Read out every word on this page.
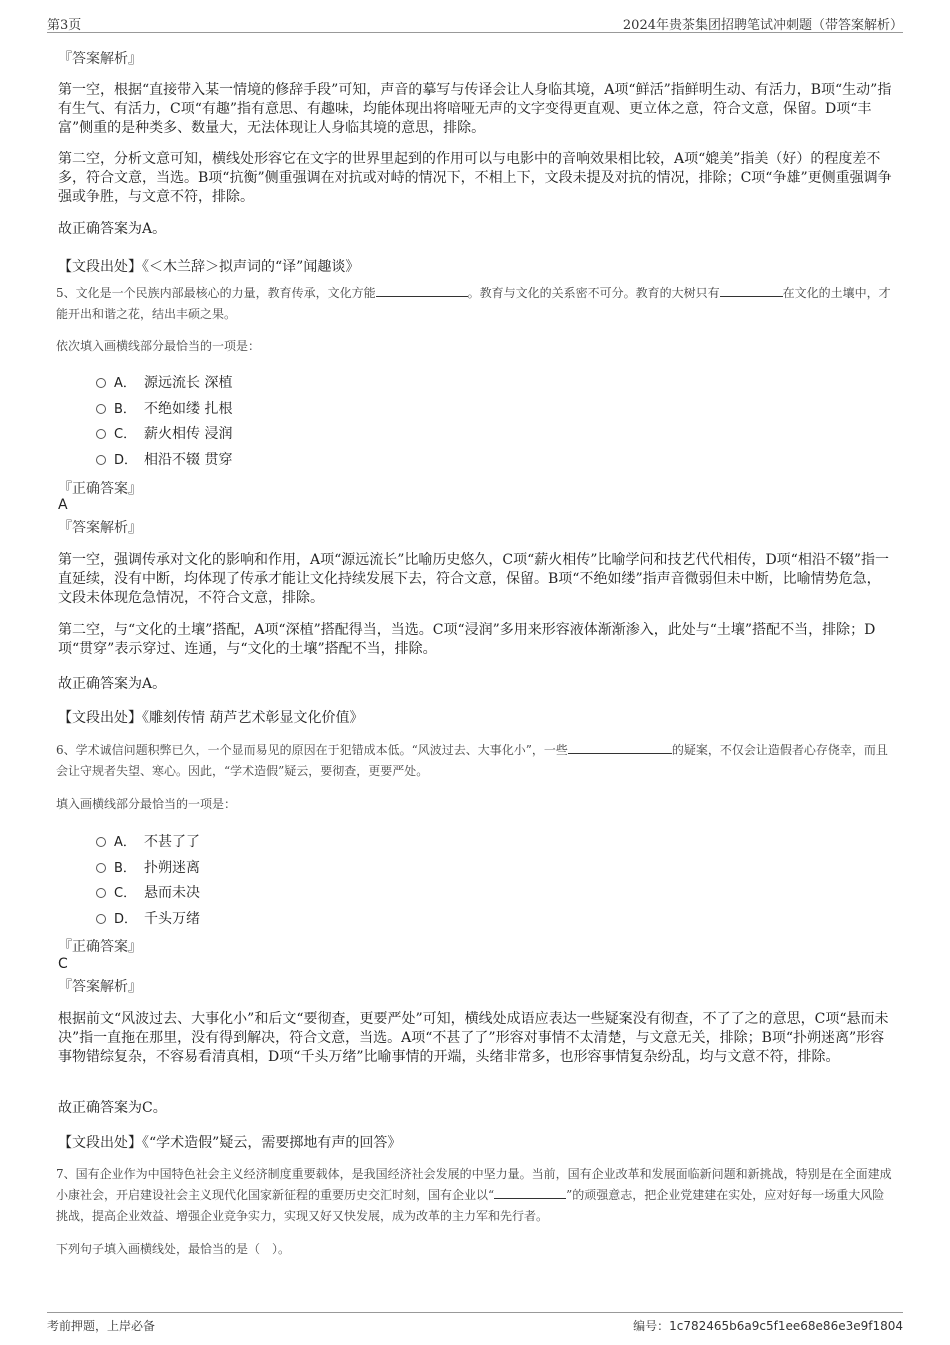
第3页	2024年贵茶集团招聘笔试冲刺题（带答案解析）
『答案解析』

第一空，根据“直接带入某一情境的修辞手段”可知，声音的摹写与传译会让人身临其境，A项“鲜活”指鲜明生动、有活力，B项“生动”指有生气、有活力，C项“有趣”指有意思、有趣味，均能体现出将喑哑无声的文字变得更直观、更立体之意，符合文意，保留。D项“丰富”侧重的是种类多、数量大，无法体现让人身临其境的意思，排除。

第二空，分析文意可知，横线处形容它在文字的世界里起到的作用可以与电影中的音响效果相比较，A项“媲美”指美（好）的程度差不多，符合文意，当选。B项“抗衡”侧重强调在对抗或对峙的情况下，不相上下，文段未提及对抗的情况，排除；C项“争雄”更侧重强调争强或争胜，与文意不符，排除。

故正确答案为A。
【文段出处】《＜木兰辞＞拟声词的“译”闻趣谈》

5、文化是一个民族内部最核心的力量，教育传承，文化方能	。教育与文化的关系密不可分。教育的大树只有	在文化的土壤中，才能开出和谐之花，结出丰硕之果。

依次填入画横线部分最恰当的一项是：
A． 源远流长 深植
B． 不绝如缕 扎根
C． 薪火相传 浸润
D． 相沿不辍 贯穿
『正确答案』
A
『答案解析』

第一空，强调传承对文化的影响和作用，A项“源远流长”比喻历史悠久，C项“薪火相传”比喻学问和技艺代代相传，D项“相沿不辍”指一直延续，没有中断，均体现了传承才能让文化持续发展下去，符合文意，保留。B项“不绝如缕”指声音微弱但未中断，比喻情势危急，文段未体现危急情况，不符合文意，排除。

第二空，与“文化的土壤”搭配，A项“深植”搭配得当，当选。C项“浸润”多用来形容液体渐渐渗入，此处与“土壤”搭配不当，排除；D项“贯穿”表示穿过、连通，与“文化的土壤”搭配不当，排除。

故正确答案为A。
【文段出处】《雕刻传情 葫芦艺术彰显文化价值》

6、学术诚信问题积弊已久，一个显而易见的原因在于犯错成本低。“风波过去、大事化小”，一些	的疑案，不仅会让造假者心存侥幸，而且会让守规者失望、寒心。因此，“学术造假”疑云，要彻查，更要严处。

填入画横线部分最恰当的一项是：
A． 不甚了了
B． 扑朔迷离
C． 悬而未决
D． 千头万绪
『正确答案』
C
『答案解析』

根据前文“风波过去、大事化小”和后文“要彻查，更要严处”可知，横线处成语应表达一些疑案没有彻查，不了了之的意思，C项“悬而未决”指一直拖在那里，没有得到解决，符合文意，当选。A项“不甚了了”形容对事情不太清楚，与文意无关，排除；B项“扑朔迷离”形容事物错综复杂，不容易看清真相，D项“千头万绪”比喻事情的开端，头绪非常多，也形容事情复杂纷乱，均与文意不符，排除。

故正确答案为C。
【文段出处】《“学术造假”疑云，需要掷地有声的回答》

7、国有企业作为中国特色社会主义经济制度重要载体，是我国经济社会发展的中坚力量。当前，国有企业改革和发展面临新问题和新挑战，特别是在全面建成小康社会，开启建设社会主义现代化国家新征程的重要历史交汇时刻，国有企业以“	”的顽强意志，把企业党建建在实处，应对好每一场重大风险挑战，提高企业效益、增强企业竞争实力，实现又好又快发展，成为改革的主力军和先行者。

下列句子填入画横线处，最恰当的是（　）。
考前押题，上岸必备	编号：1c782465b6a9c5f1ee68e86e3e9f1804
